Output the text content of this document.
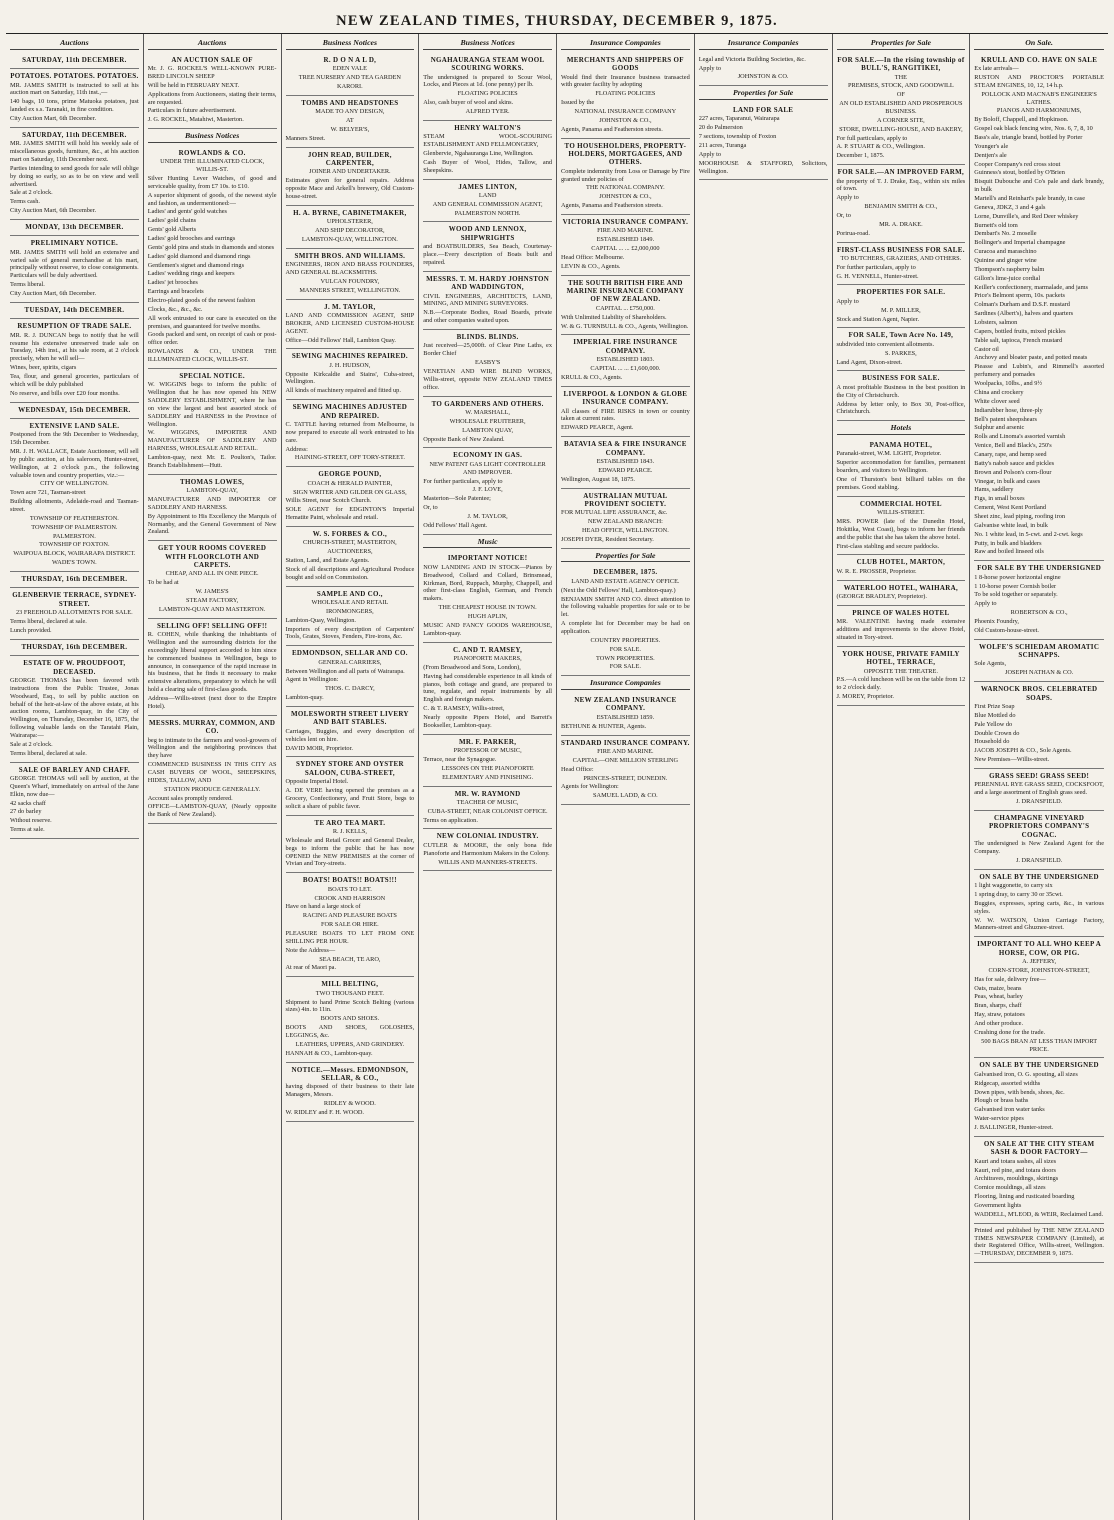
NEW ZEALAND TIMES, THURSDAY, DECEMBER 9, 1875.
Auctions
SATURDAY, 11th DECEMBER.
POTATOES. POTATOES. POTATOES.

MR. JAMES SMITH is instructed to sell at his auction mart on Saturday, 11th inst.,—

140 bags, 10 tons, prime Matuoka potatoes, just landed ex s.s. Taranaki, in fine condition.

City Auction Mart, 6th December.

SATURDAY, 11th DECEMBER.

MR. JAMES SMITH will hold his weekly sale of miscellaneous goods, furniture, &c., at his auction mart on Saturday, 11th December next.

Parties intending to send goods for sale will oblige by doing so early, so as to be on view and well advertised.

Sale at 2 o'clock.

Terms cash.

City Auction Mart, 6th December.

MONDAY, 13th DECEMBER.
PRELIMINARY NOTICE.

MR. JAMES SMITH will hold an extensive and varied sale of general merchandise at his mart, principally without reserve, to close consignments. Particulars will be duly advertised.

Terms liberal.

City Auction Mart, 6th December.

TUESDAY, 14th DECEMBER.
RESUMPTION OF TRADE SALE.

MR. R. J. DUNCAN begs to notify that he will resume his extensive unreserved trade sale on Tuesday, 14th inst., at his sale room, at 2 o'clock precisely, when he will sell—

Wines, beer, spirits, cigars

Tea, flour, and general groceries, particulars of which will be duly published

No reserve, and bills over £20 four months.

WEDNESDAY, 15th DECEMBER.
EXTENSIVE LAND SALE.

Postponed from the 9th December to Wednesday, 15th December.

MR. J. H. WALLACE, Estate Auctioneer, will sell by public auction, at his saleroom, Hunter-street, Wellington, at 2 o'clock p.m., the following valuable town and country properties, viz.:—

CITY OF WELLINGTON.

Town acre 721, Tasman-street

Building allotments, Adelaide-road and Tasman-street.

TOWNSHIP OF FEATHERSTON.

TOWNSHIP OF PALMERSTON.

PALMERSTON.

TOWNSHIP OF FOXTON.

WAIPOUA BLOCK, WAIRARAPA DISTRICT.

WADE'S TOWN.

THURSDAY, 16th DECEMBER.
GLENBERVIE TERRACE, SYDNEY-STREET.

23 FREEHOLD ALLOTMENTS FOR SALE.

Terms liberal, declared at sale.

Lunch provided.

THURSDAY, 16th DECEMBER.
ESTATE OF W. PROUDFOOT, DECEASED.

GEORGE THOMAS has been favored with instructions from the Public Trustee, Jonas Woodward, Esq., to sell by public auction on behalf of the heir-at-law of the above estate, at his auction rooms, Lambton-quay, in the City of Wellington, on Thursday, December 16, 1875, the following valuable lands on the Taratahi Plain, Wairarapa:—

Sale at 2 o'clock.

Terms liberal, declared at sale.

SALE OF BARLEY AND CHAFF.

GEORGE THOMAS will sell by auction, at the Queen's Wharf, immediately on arrival of the Jane Elkin, now due—

42 sacks chaff

27 do barley

Without reserve.

Terms at sale.

Auctions
AN AUCTION SALE OF

Mr. J. G. ROCKEL'S WELL-KNOWN PURE-BRED LINCOLN SHEEP

Will be held in FEBRUARY NEXT.

Applications from Auctioneers, stating their terms, are requested.

Particulars in future advertisement.

J. G. ROCKEL, Matahiwi, Masterton.

Business Notices
ROWLANDS & CO.

UNDER THE ILLUMINATED CLOCK, WILLIS-ST.

Silver Hunting Lever Watches, of good and serviceable quality, from £7 10s. to £10.

A superior shipment of goods, of the newest style and fashion, as undermentioned:—

Ladies' and gents' gold watches

Ladies' gold chains

Gents' gold Alberts

Ladies' gold brooches and earrings

Gents' gold pins and studs in diamonds and stones

Ladies' gold diamond and diamond rings

Gentlemen's signet and diamond rings

Ladies' wedding rings and keepers

Ladies' jet brooches

Earrings and bracelets

Electro-plated goods of the newest fashion

Clocks, &c., &c., &c.

All work entrusted to our care is executed on the premises, and guaranteed for twelve months.

Goods packed and sent, on receipt of cash or post-office order.

ROWLANDS & CO., UNDER THE ILLUMINATED CLOCK, WILLIS-ST.

SPECIAL NOTICE.

W. WIGGINS begs to inform the public of Wellington that he has now opened his NEW SADDLERY ESTABLISHMENT, where he has on view the largest and best assorted stock of SADDLERY and HARNESS in the Province of Wellington.

W. WIGGINS, IMPORTER AND MANUFACTURER OF SADDLERY AND HARNESS, WHOLESALE AND RETAIL.

Lambton-quay, next Mr. E. Poulton's, Tailor. Branch Establishment—Hutt.

THOMAS LOWES,

LAMBTON-QUAY,

MANUFACTURER AND IMPORTER OF SADDLERY AND HARNESS.

By Appointment to His Excellency the Marquis of Normanby, and the General Government of New Zealand.

GET YOUR ROOMS COVERED WITH FLOORCLOTH AND CARPETS.

CHEAP, AND ALL IN ONE PIECE.

To be had at

W. JAMES'S

STEAM FACTORY,

LAMBTON-QUAY AND MASTERTON.

SELLING OFF! SELLING OFF!!

R. COHEN, while thanking the inhabitants of Wellington and the surrounding districts for the exceedingly liberal support accorded to him since he commenced business in Wellington, begs to announce, in consequence of the rapid increase in his business, that he finds it necessary to make extensive alterations, preparatory to which he will hold a clearing sale of first-class goods.

Address—Willis-street (next door to the Empire Hotel).

MESSRS. MURRAY, COMMON, AND CO.

beg to intimate to the farmers and wool-growers of Wellington and the neighboring provinces that they have

COMMENCED BUSINESS IN THIS CITY AS CASH BUYERS OF WOOL, SHEEPSKINS, HIDES, TALLOW, AND

STATION PRODUCE GENERALLY.

Account sales promptly rendered.

OFFICE—LAMBTON-QUAY, (Nearly opposite the Bank of New Zealand).

Business Notices
R. D O N A L D,

EDEN VALE

TREE NURSERY AND TEA GARDEN

KARORI.

TOMBS AND HEADSTONES

MADE TO ANY DESIGN,

AT

W. BELYER'S,

Manners Street.

JOHN READ, BUILDER, CARPENTER,

JOINER AND UNDERTAKER.

Estimates given for general repairs. Address opposite Mace and Arkell's brewery, Old Custom-house-street.

H. A. BYRNE, CABINETMAKER,

UPHOLSTERER,

AND SHIP DECORATOR,

LAMBTON-QUAY, WELLINGTON.

SMITH BROS. AND WILLIAMS.

ENGINEERS, IRON AND BRASS FOUNDERS, AND GENERAL BLACKSMITHS.

VULCAN FOUNDRY,

MANNERS STREET, WELLINGTON.

J. M. TAYLOR,

LAND AND COMMISSION AGENT, SHIP BROKER, AND LICENSED CUSTOM-HOUSE AGENT.

Office—Odd Fellows' Hall, Lambton Quay.

SEWING MACHINES REPAIRED.

J. H. HUDSON,

Opposite Kirkcaldie and Stains', Cuba-street, Wellington.

All kinds of machinery repaired and fitted up.

SEWING MACHINES ADJUSTED AND REPAIRED.

C. TATTLE having returned from Melbourne, is now prepared to execute all work entrusted to his care.

Address:

HAINING-STREET, OFF TORY-STREET.

GEORGE POUND,

COACH & HERALD PAINTER,

SIGN WRITER AND GILDER ON GLASS,

Willis Street, near Scotch Church.

SOLE AGENT for EDGINTON'S Imperial Hematite Paint, wholesale and retail.

W. S. FORBES & CO.,

CHURCH-STREET, MASTERTON,

AUCTIONEERS,

Station, Land, and Estate Agents.

Stock of all descriptions and Agricultural Produce bought and sold on Commission.

SAMPLE AND CO.,

WHOLESALE AND RETAIL

IRONMONGERS,

Lambton-Quay, Wellington.

Importers of every description of Carpenters' Tools, Grates, Stoves, Fenders, Fire-irons, &c.

EDMONDSON, SELLAR AND CO.

GENERAL CARRIERS,

Between Wellington and all parts of Wairarapa.

Agent in Wellington:

THOS. C. DARCY,

Lambton-quay.

MOLESWORTH STREET LIVERY AND BAIT STABLES.

Carriages, Buggies, and every description of vehicles lent on hire.

DAVID MOIR, Proprietor.

SYDNEY STORE AND OYSTER SALOON, CUBA-STREET,

Opposite Imperial Hotel.

A. DE VERE having opened the premises as a Grocery, Confectionery, and Fruit Store, begs to solicit a share of public favor.

TE ARO TEA MART.

R. J. KELLS,

Wholesale and Retail Grocer and General Dealer, begs to inform the public that he has now OPENED the NEW PREMISES at the corner of Vivian and Tory-streets.

BOATS! BOATS!! BOATS!!!

BOATS TO LET.

CROOK AND HARRISON

Have on hand a large stock of

RACING AND PLEASURE BOATS

FOR SALE OR HIRE.

PLEASURE BOATS TO LET FROM ONE SHILLING PER HOUR.

Note the Address—

SEA BEACH, TE ARO,

At rear of Maori pa.

MILL BELTING,

TWO THOUSAND FEET.

Shipment to hand Prime Scotch Belting (various sizes) 4in. to 11in.

BOOTS AND SHOES.

BOOTS AND SHOES, GOLOSHES, LEGGINGS, &c.

LEATHERS, UPPERS, AND GRINDERY.

HANNAH & CO., Lambton-quay.

NOTICE.—Messrs. EDMONDSON, SELLAR, & CO.,

having disposed of their business to their late Managers, Messrs.

RIDLEY & WOOD.

W. RIDLEY and F. H. WOOD.

Business Notices
NGAHAURANGA STEAM WOOL SCOURING WORKS.

The undersigned is prepared to Scour Wool, Locks, and Pieces at 1d. (one penny) per lb.

FLOATING POLICIES

Also, cash buyer of wool and skins.

ALFRED TYER.

HENRY WALTON'S

STEAM WOOL-SCOURING ESTABLISHMENT AND FELLMONGERY,

Glenbervie, Ngahauranga Line, Wellington.

Cash Buyer of Wool, Hides, Tallow, and Sheepskins.

JAMES LINTON,

LAND

AND GENERAL COMMISSION AGENT,

PALMERSTON NORTH.

WOOD AND LENNOX, SHIPWRIGHTS

and BOATBUILDERS, Sea Beach, Courtenay-place.—Every description of Boats built and repaired.

MESSRS. T. M. HARDY JOHNSTON AND WADDINGTON,

CIVIL ENGINEERS, ARCHITECTS, LAND, MINING, AND MINING SURVEYORS.

N.B.—Corporate Bodies, Road Boards, private and other companies waited upon.

BLINDS. BLINDS.

Just received—25,000ft. of Clear Pine Laths, ex Border Chief

EASBY'S

VENETIAN AND WIRE BLIND WORKS, Willis-street, opposite NEW ZEALAND TIMES office.

TO GARDENERS AND OTHERS.

W. MARSHALL,

WHOLESALE FRUITERER,

LAMBTON QUAY,

Opposite Bank of New Zealand.

ECONOMY IN GAS.

NEW PATENT GAS LIGHT CONTROLLER AND IMPROVER.

For further particulars, apply to

J. F. LOVE,

Masterton—Sole Patentee;

Or, to

J. M. TAYLOR,

Odd Fellows' Hall Agent.

Music
IMPORTANT NOTICE!

NOW LANDING AND IN STOCK—Pianos by Broadwood, Collard and Collard, Brinsmead, Kirkman, Bord, Ruppach, Murphy, Chappell, and other first-class English, German, and French makers.

THE CHEAPEST HOUSE IN TOWN.

HUGH APLIN,

MUSIC AND FANCY GOODS WAREHOUSE, Lambton-quay.

C. AND T. RAMSEY,

PIANOFORTE MAKERS,

(From Broadwood and Sons, London),

Having had considerable experience in all kinds of pianos, both cottage and grand, are prepared to tune, regulate, and repair instruments by all English and foreign makers.

C. & T. RAMSEY, Willis-street,

Nearly opposite Pipers Hotel, and Barrett's Bookseller, Lambton-quay.

MR. F. PARKER,

PROFESSOR OF MUSIC,

Terrace, near the Synagogue.

LESSONS ON THE PIANOFORTE

ELEMENTARY AND FINISHING.

MR. W. RAYMOND

TEACHER OF MUSIC,

CUBA-STREET, NEAR COLONIST OFFICE.

Terms on application.

NEW COLONIAL INDUSTRY.

CUTLER & MOORE, the only bona fide Pianoforte and Harmonium Makers in the Colony.

WILLIS AND MANNERS-STREETS.

Insurance Companies
MERCHANTS AND SHIPPERS OF GOODS

Would find their Insurance business transacted with greater facility by adopting

FLOATING POLICIES

Issued by the

NATIONAL INSURANCE COMPANY

JOHNSTON & CO.,

Agents, Panama and Featherston streets.

TO HOUSEHOLDERS, PROPERTY-HOLDERS, MORTGAGEES, AND OTHERS.

Complete indemnity from Loss or Damage by Fire granted under policies of

THE NATIONAL COMPANY.

JOHNSTON & CO.,

Agents, Panama and Featherston streets.

VICTORIA INSURANCE COMPANY.

FIRE AND MARINE.

ESTABLISHED 1849.

CAPITAL ... ... £2,000,000

Head Office: Melbourne.

LEVIN & CO., Agents.

THE SOUTH BRITISH FIRE AND MARINE INSURANCE COMPANY OF NEW ZEALAND.

CAPITAL ... £750,000.

With Unlimited Liability of Shareholders.

W. & G. TURNBULL & CO., Agents, Wellington.

IMPERIAL FIRE INSURANCE COMPANY.

ESTABLISHED 1803.

CAPITAL ... ... £1,600,000.

KRULL & CO., Agents.

LIVERPOOL & LONDON & GLOBE INSURANCE COMPANY.

All classes of FIRE RISKS in town or country taken at current rates.

EDWARD PEARCE, Agent.

BATAVIA SEA & FIRE INSURANCE COMPANY.

ESTABLISHED 1843.

EDWARD PEARCE.

Wellington, August 18, 1875.

AUSTRALIAN MUTUAL PROVIDENT SOCIETY.

FOR MUTUAL LIFE ASSURANCE, &c.

NEW ZEALAND BRANCH:

HEAD OFFICE, WELLINGTON.

JOSEPH DYER, Resident Secretary.

Properties for Sale
DECEMBER, 1875.

LAND AND ESTATE AGENCY OFFICE.

(Next the Odd Fellows' Hall, Lambton-quay.)

BENJAMIN SMITH AND CO. direct attention to the following valuable properties for sale or to be let.

A complete list for December may be had on application.

COUNTRY PROPERTIES.

FOR SALE.

TOWN PROPERTIES.

FOR SALE.

Insurance Companies
NEW ZEALAND INSURANCE COMPANY.

ESTABLISHED 1859.

BETHUNE & HUNTER, Agents.

STANDARD INSURANCE COMPANY.

FIRE AND MARINE.

CAPITAL—ONE MILLION STERLING

Head Office:

PRINCES-STREET, DUNEDIN.

Agents for Wellington:

SAMUEL LADD, & CO.

Insurance Companies

Legal and Victoria Building Societies, &c.

Apply to

JOHNSTON & CO.

Properties for Sale
LAND FOR SALE

227 acres, Taparanui, Wairarapa

20 do Palmerston

7 sections, township of Foxton

211 acres, Turanga

Apply to

MOORHOUSE & STAFFORD, Solicitors, Wellington.

Properties for Sale
FOR SALE.—In the rising township of BULL'S, RANGITIKEI,

THE

PREMISES, STOCK, AND GOODWILL

OF

AN OLD ESTABLISHED AND PROSPEROUS BUSINESS.

A CORNER SITE,

STORE, DWELLING-HOUSE, AND BAKERY,

For full particulars, apply to

A. P. STUART & CO., Wellington.

December 1, 1875.

FOR SALE.—AN IMPROVED FARM,

the property of T. J. Drake, Esq., within six miles of town.

Apply to

BENJAMIN SMITH & CO.,

Or, to

MR. A. DRAKE.

Porirua-road.

FIRST-CLASS BUSINESS FOR SALE.

TO BUTCHERS, GRAZIERS, AND OTHERS.

For further particulars, apply to

G. H. VENNELL, Hunter-street.

PROPERTIES FOR SALE.

Apply to

M. P. MILLER,

Stock and Station Agent, Napier.

FOR SALE, Town Acre No. 149,

subdivided into convenient allotments.

S. PARKES,

Land Agent, Dixon-street.

BUSINESS FOR SALE.

A most profitable Business in the best position in the City of Christchurch.

Address by letter only, to Box 30, Post-office, Christchurch.

Hotels
PANAMA HOTEL,

Paranaki-street, W.M. LIGHT, Proprietor.

Superior accommodation for families, permanent boarders, and visitors to Wellington.

One of Thurston's best billiard tables on the premises. Good stabling.

COMMERCIAL HOTEL

WILLIS-STREET.

MRS. POWER (late of the Dunedin Hotel, Hokitika, West Coast), begs to inform her friends and the public that she has taken the above hotel.

First-class stabling and secure paddocks.

CLUB HOTEL, MARTON,

W. R. E. PROSSER, Proprietor.

WATERLOO HOTEL, WAIHARA,

(GEORGE BRADLEY, Proprietor).

PRINCE OF WALES HOTEL

MR. VALENTINE having made extensive additions and improvements to the above Hotel, situated in Tory-street.

YORK HOUSE, PRIVATE FAMILY HOTEL, TERRACE,

OPPOSITE THE THEATRE.

P.S.—A cold luncheon will be on the table from 12 to 2 o'clock daily.

J. MOREY, Proprietor.

On Sale.
KRULL AND CO. HAVE ON SALE

Ex late arrivals—

RUSTON AND PROCTOR'S PORTABLE STEAM ENGINES, 10, 12, 14 h.p.

POLLOCK AND MACNAB'S ENGINEER'S LATHES.

PIANOS AND HARMONIUMS,

By Boloff, Chappell, and Hopkinson.

Gospel oak black fencing wire, Nos. 6, 7, 8, 10

Bass's ale, triangle brand, bottled by Porter

Younger's ale

Dentjen's ale

Cooper Company's red cross stout

Guinness's stout, bottled by O'Brien

Bisquit Dubouche and Co's pale and dark brandy, in bulk

Martell's and Reinhart's pale brandy, in case

Geneva, JDKZ, 3 and 4 gals

Lorne, Dunville's, and Red Deer whiskey

Burnett's old tom

Dembart's No. 2 moselle

Bollinger's and Imperial champagne

Curacoa and maraschino

Quinine and ginger wine

Thompson's raspberry balm

Gillon's lime-juice cordial

Keiller's confectionery, marmalade, and jams

Price's Belmont sperm, 10s. packets

Colman's Durham and D.S.F. mustard

Sardines (Albert's), halves and quarters

Lobsters, salmon

Capers, bottled fruits, mixed pickles

Table salt, tapioca, French mustard

Castor oil

Anchovy and bloater paste, and potted meats

Pieasse and Lubin's, and Rimmell's assorted perfumery and pomades

Woolpacks, 10lbs., and 9½

China and crockery

White clover seed

Indiarubber hose, three-ply

Bell's patent sheepshears

Sulphur and arsenic

Rolls and Linoma's assorted varnish

Venice, Bell and Black's, 250's

Canary, rape, and hemp seed

Batty's nabob sauce and pickles

Brown and Polson's corn-flour

Vinegar, in bulk and cases

Hams, saddlery

Figs, in small boxes

Cement, West Kent Portland

Sheet zinc, lead piping, roofing iron

Galvanise white lead, in bulk

No. 1 white lead, in 5-cwt. and 2-cwt. kegs

Putty, in bulk and bladders

Raw and boiled linseed oils

FOR SALE BY THE UNDERSIGNED

1 8-horse power horizontal engine

1 10-horse power Cornish boiler

To be sold together or separately.

Apply to

ROBERTSON & CO.,

Phoenix Foundry,

Old Custom-house-street.

WOLFE'S SCHIEDAM AROMATIC SCHNAPPS.

Sole Agents,

JOSEPH NATHAN & CO.

WARNOCK BROS. CELEBRATED SOAPS.

First Prize Soap

Blue Mottled do

Pale Yellow do

Double Crown do

Household do

JACOB JOSEPH & CO., Sole Agents.

New Premises—Willis-street.

GRASS SEED! GRASS SEED!

PERENNIAL RYE GRASS SEED, COCKSFOOT, and a large assortment of English grass seed.

J. DRANSFIELD.

CHAMPAGNE VINEYARD PROPRIETORS COMPANY'S COGNAC.

The undersigned is New Zealand Agent for the Company.

J. DRANSFIELD.

ON SALE BY THE UNDERSIGNED

1 light waggonette, to carry six

1 spring dray, to carry 30 or 35cwt.

Buggies, expresses, spring carts, &c., in various styles.

W. W. WATSON, Union Carriage Factory, Manners-street and Ghuznee-street.

IMPORTANT TO ALL WHO KEEP A HORSE, COW, OR PIG.

A. JEFFERY,

CORN-STORE, JOHNSTON-STREET,

Has for sale, delivery free—

Oats, maize, beans

Peas, wheat, barley

Bran, sharps, chaff

Hay, straw, potatoes

And other produce.

Crushing done for the trade.

500 BAGS BRAN AT LESS THAN IMPORT PRICE.

ON SALE BY THE UNDERSIGNED

Galvanised iron, O. G. spouting, all sizes

Ridgecap, assorted widths

Down pipes, with bends, shoes, &c.

Plough or brass baths

Galvanised iron water tanks

Water-service pipes

J. BALLINGER, Hunter-street.

ON SALE AT THE CITY STEAM SASH & DOOR FACTORY—

Kauri and totara sashes, all sizes

Kauri, red pine, and totara doors

Architraves, mouldings, skirtings

Cornice mouldings, all sizes

Flooring, lining and rusticated boarding

Government lights

WADDELL, M'LEOD, & WEIR, Reclaimed Land.

Printed and published by THE NEW ZEALAND TIMES NEWSPAPER COMPANY (Limited), at their Registered Office, Willis-street, Wellington.—THURSDAY, DECEMBER 9, 1875.
